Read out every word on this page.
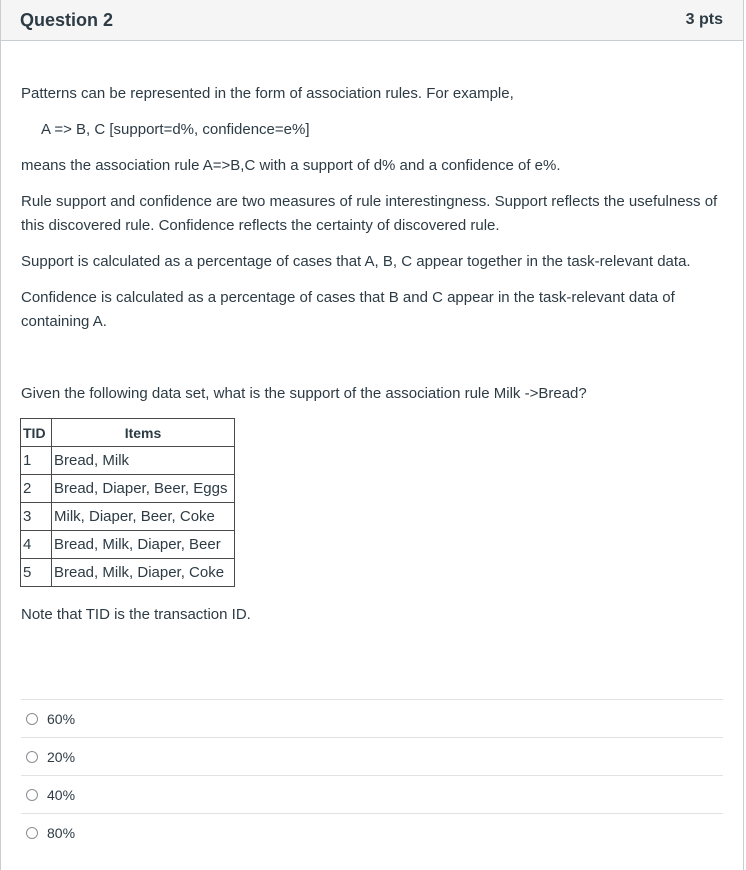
Question 2	3 pts

Patterns can be represented in the form of association rules. For example,

A => B, C [support=d%, confidence=e%]

means the association rule A=>B,C with a support of d% and a confidence of e%.

Rule support and confidence are two measures of rule interestingness. Support reflects the usefulness of this discovered rule. Confidence reflects the certainty of discovered rule.

Support is calculated as a percentage of cases that A, B, C appear together in the task-relevant data.

Confidence is calculated as a percentage of cases that B and C appear in the task-relevant data of containing A.

Given the following data set, what is the support of the association rule Milk ->Bread?

TID	Items
1	Bread, Milk
2	Bread, Diaper, Beer, Eggs
3	Milk, Diaper, Beer, Coke
4	Bread, Milk, Diaper, Beer
5	Bread, Milk, Diaper, Coke

Note that TID is the transaction ID.

60%
20%
40%
80%
